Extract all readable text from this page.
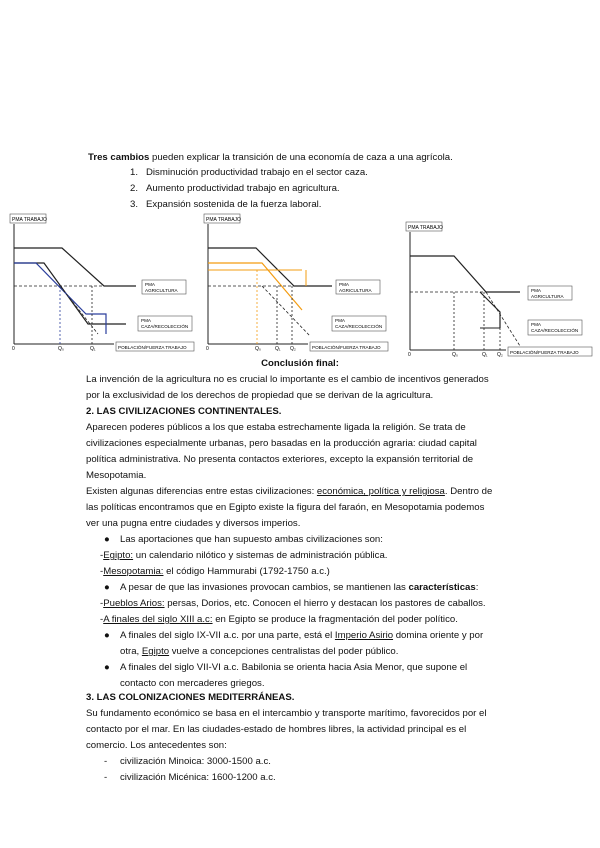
Tres cambios pueden explicar la transición de una economía de caza a una agrícola.
1. Disminución productividad trabajo en el sector caza.
2. Aumento productividad trabajo en agricultura.
3. Expansión sostenida de la fuerza laboral.
PMA TRABAJO
PMA
AGRICULTURA
PMA
CAZA/RECOLECCIÓN
POBLACIÓN/FUERZA TRABAJO
0	Q₀	Q₁
PMA TRABAJO
PMA
AGRICULTURA
PMA
CAZA/RECOLECCIÓN
POBLACIÓN/FUERZA TRABAJO
0	Q₀	Q₁ Q₂
PMA TRABAJO
PMA
AGRICULTURA
PMA
CAZA/RECOLECCIÓN
POBLACIÓN/FUERZA TRABAJO
0	Q₀	Q₁ Q₂
Conclusión final:
La invención de la agricultura no es crucial lo importante es el cambio de incentivos generados
por la exclusividad de los derechos de propiedad que se derivan de la agricultura.
2. LAS CIVILIZACIONES CONTINENTALES.
Aparecen poderes públicos a los que estaba estrechamente ligada la religión. Se trata de
civilizaciones especialmente urbanas, pero basadas en la producción agraria: ciudad capital
política administrativa. No presenta contactos exteriores, excepto la expansión territorial de
Mesopotamia.
Existen algunas diferencias entre estas civilizaciones: económica, política y religiosa. Dentro de
las políticas encontramos que en Egipto existe la figura del faraón, en Mesopotamia podemos
ver una pugna entre ciudades y diversos imperios.
● Las aportaciones que han supuesto ambas civilizaciones son:
-Egipto: un calendario nilótico y sistemas de administración pública.
-Mesopotamia: el código Hammurabi (1792-1750 a.c.)
● A pesar de que las invasiones provocan cambios, se mantienen las características:
-Pueblos Arios: persas, Dorios, etc. Conocen el hierro y destacan los pastores de caballos.
-A finales del siglo XIII a.c: en Egipto se produce la fragmentación del poder político.
● A finales del siglo IX-VII a.c. por una parte, está el Imperio Asirio domina oriente y por
otra, Egipto vuelve a concepciones centralistas del poder público.
● A finales del siglo VII-VI a.c. Babilonia se orienta hacia Asia Menor, que supone el
contacto con mercaderes griegos.
3. LAS COLONIZACIONES MEDITERRÁNEAS.
Su fundamento económico se basa en el intercambio y transporte marítimo, favorecidos por el
contacto por el mar. En las ciudades-estado de hombres libres, la actividad principal es el
comercio. Los antecedentes son:
- civilización Minoica: 3000-1500 a.c.
- civilización Micénica: 1600-1200 a.c.
